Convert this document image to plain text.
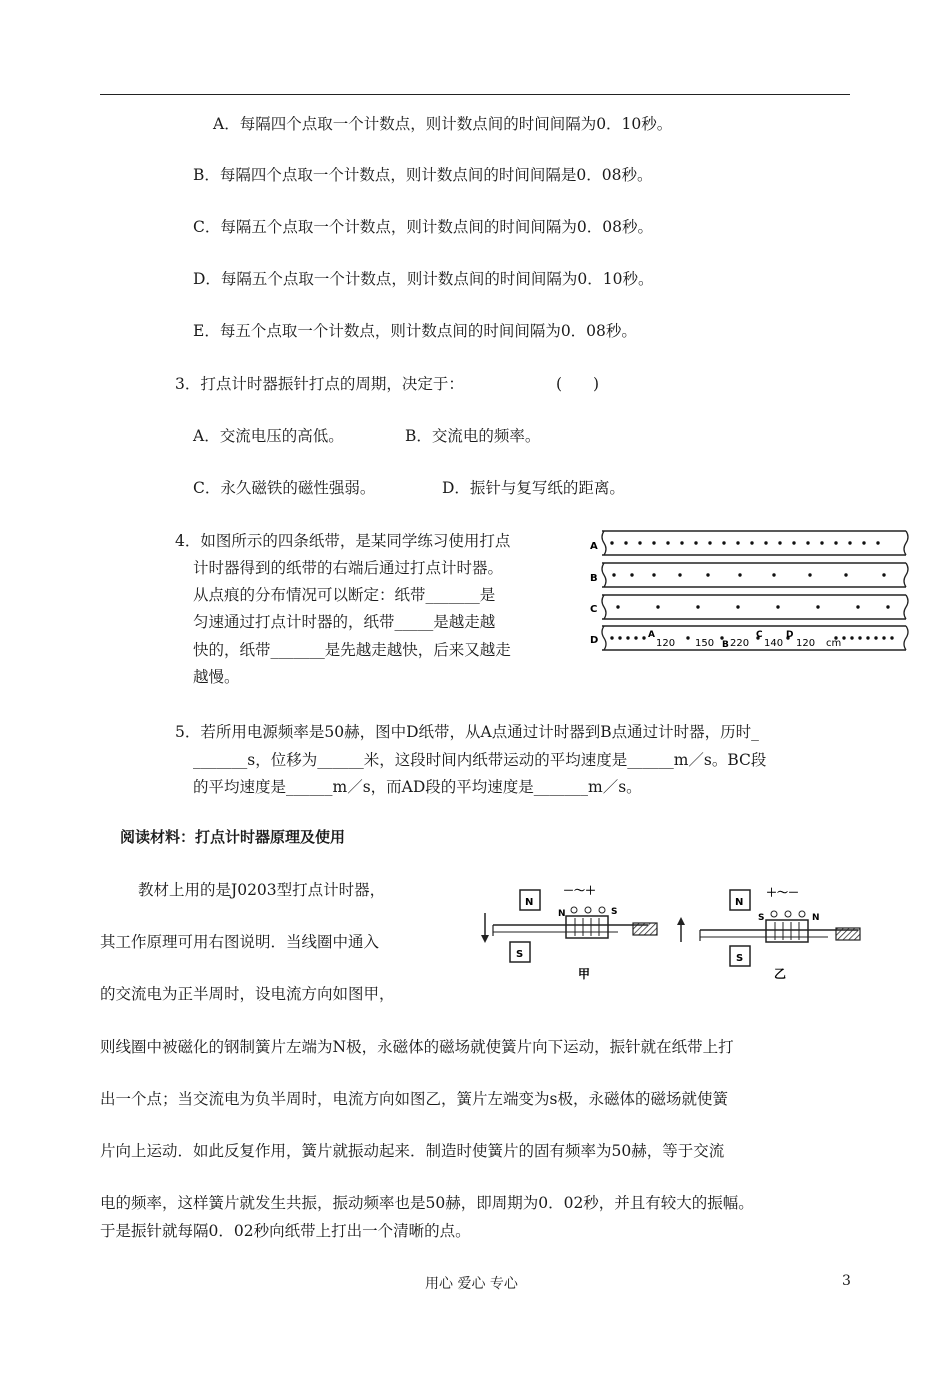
A．每隔四个点取一个计数点，则计数点间的时间间隔为0．10秒。
B．每隔四个点取一个计数点，则计数点间的时间间隔是0．08秒。
C．每隔五个点取一个计数点，则计数点间的时间间隔为0．08秒。
D．每隔五个点取一个计数点，则计数点间的时间间隔为0．10秒。
E．每五个点取一个计数点，则计数点间的时间间隔为0．08秒。
3．打点计时器振针打点的周期，决定于：	(　　)
A．交流电压的高低。	B．交流电的频率。
C．永久磁铁的磁性强弱。	D．振针与复写纸的距离。
4．如图所示的四条纸带，是某同学练习使用打点
计时器得到的纸带的右端后通过打点计时器。
从点痕的分布情况可以断定：纸带_______是
匀速通过打点计时器的，纸带_____是越走越
快的，纸带_______是先越走越快，后来又越走
越慢。
A
B
C
D	A
120 150 B 220
C
140
D
120 cm
5．若所用电源频率是50赫，图中D纸带，从A点通过计时器到B点通过计时器，历时_
_______s，位移为______米，这段时间内纸带运动的平均速度是______m／s。BC段
的平均速度是______m／s，而AD段的平均速度是_______m／s。
阅读材料：打点计时器原理及使用
教材上用的是J0203型打点计时器，
其工作原理可用右图说明．当线圈中通入
的交流电为正半周时，设电流方向如图甲，
则线圈中被磁化的钢制簧片左端为N极，永磁体的磁场就使簧片向下运动，振针就在纸带上打
出一个点；当交流电为负半周时，电流方向如图乙，簧片左端变为s极，永磁体的磁场就使簧
片向上运动．如此反复作用，簧片就振动起来．制造时使簧片的固有频率为50赫，等于交流
电的频率，这样簧片就发生共振，振动频率也是50赫，即周期为0．02秒，并且有较大的振幅。
于是振针就每隔0．02秒向纸带上打出一个清晰的点。
N
N	S
－～＋
S
甲
N
S	N
＋～－
S
乙
用心 爱心 专心	3
